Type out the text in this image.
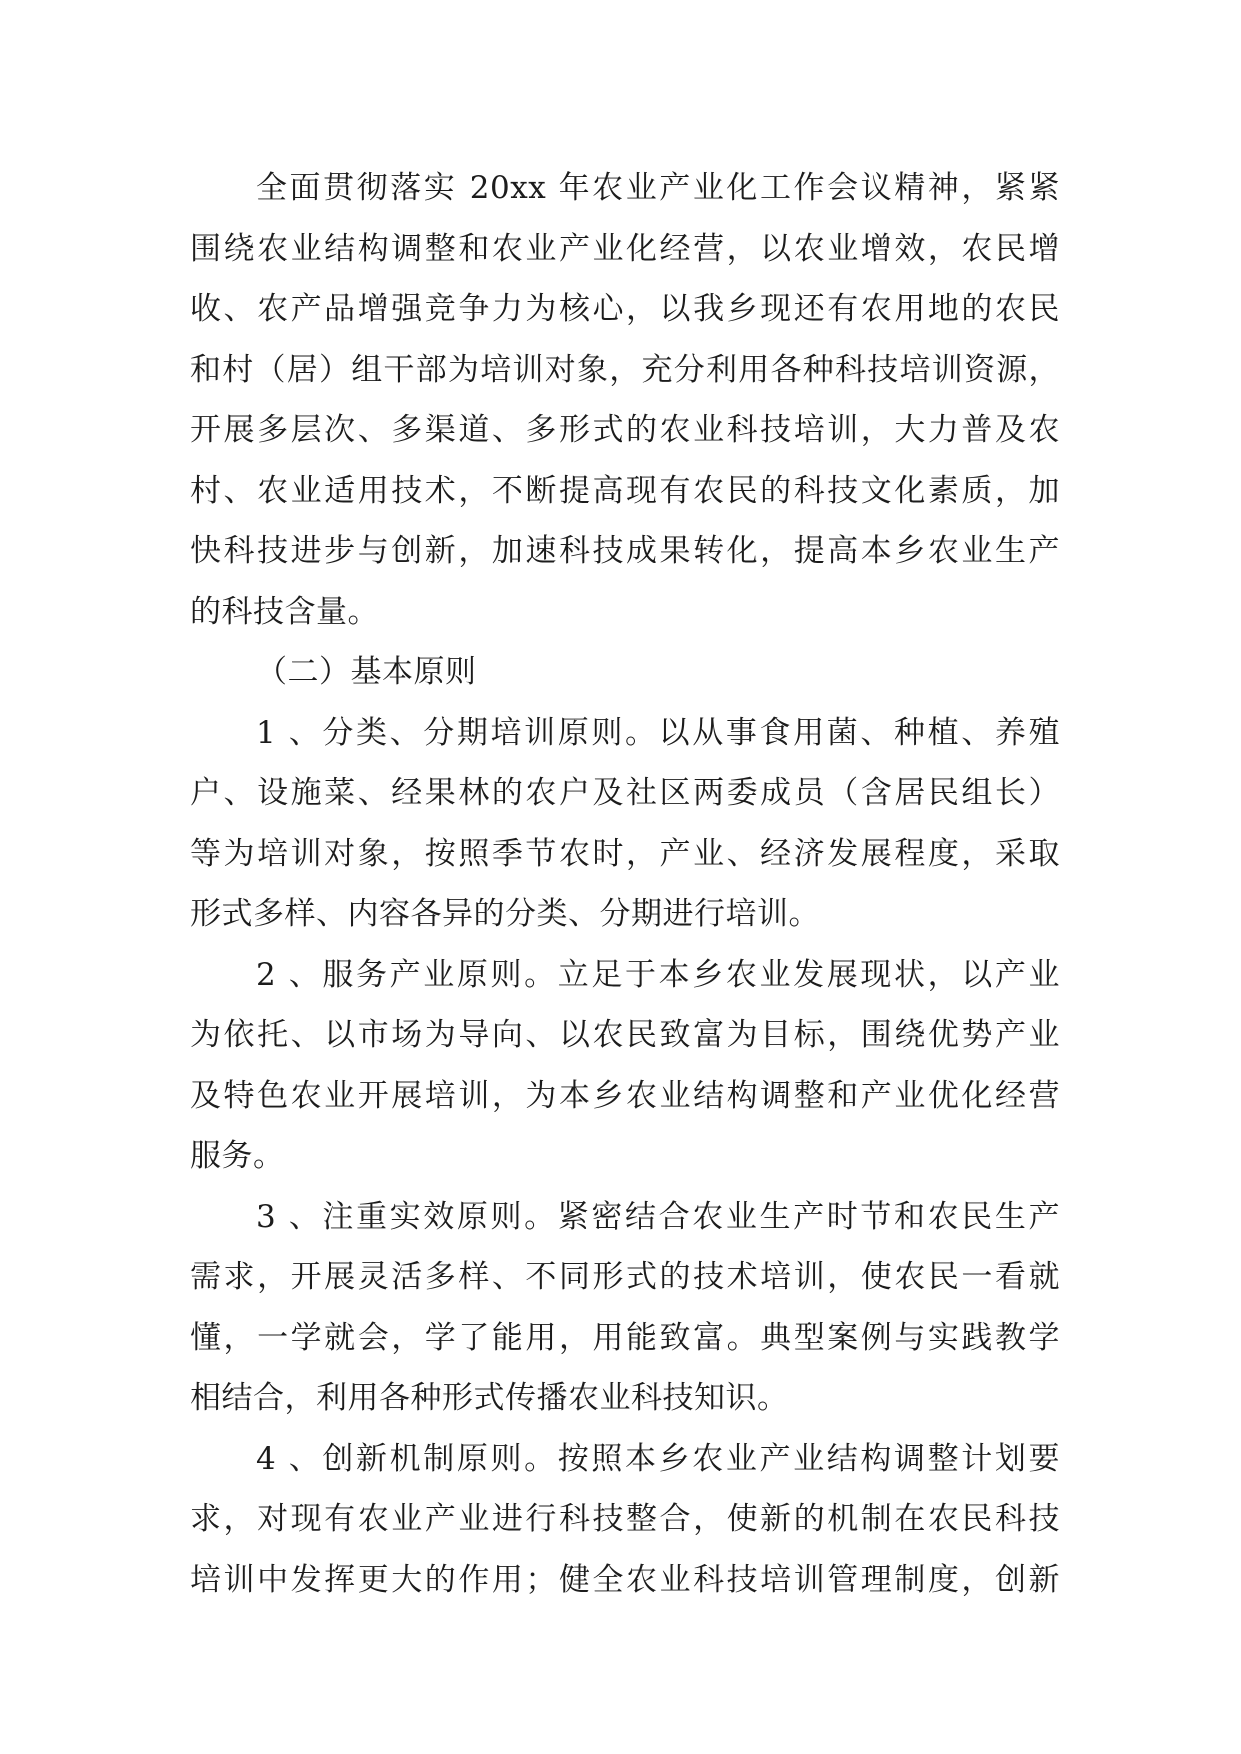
全面贯彻落实 20xx 年农业产业化工作会议精神，紧紧
围绕农业结构调整和农业产业化经营，以农业增效，农民增
收、农产品增强竞争力为核心，以我乡现还有农用地的农民
和村（居）组干部为培训对象，充分利用各种科技培训资源，
开展多层次、多渠道、多形式的农业科技培训，大力普及农
村、农业适用技术，不断提高现有农民的科技文化素质，加
快科技进步与创新，加速科技成果转化，提高本乡农业生产
的科技含量。
（二）基本原则
1 、分类、分期培训原则。以从事食用菌、种植、养殖
户、设施菜、经果林的农户及社区两委成员（含居民组长）
等为培训对象，按照季节农时，产业、经济发展程度，采取
形式多样、内容各异的分类、分期进行培训。
2 、服务产业原则。立足于本乡农业发展现状，以产业
为依托、以市场为导向、以农民致富为目标，围绕优势产业
及特色农业开展培训，为本乡农业结构调整和产业优化经营
服务。
3 、注重实效原则。紧密结合农业生产时节和农民生产
需求，开展灵活多样、不同形式的技术培训，使农民一看就
懂，一学就会，学了能用，用能致富。典型案例与实践教学
相结合，利用各种形式传播农业科技知识。
4 、创新机制原则。按照本乡农业产业结构调整计划要
求，对现有农业产业进行科技整合，使新的机制在农民科技
培训中发挥更大的作用；健全农业科技培训管理制度，创新
